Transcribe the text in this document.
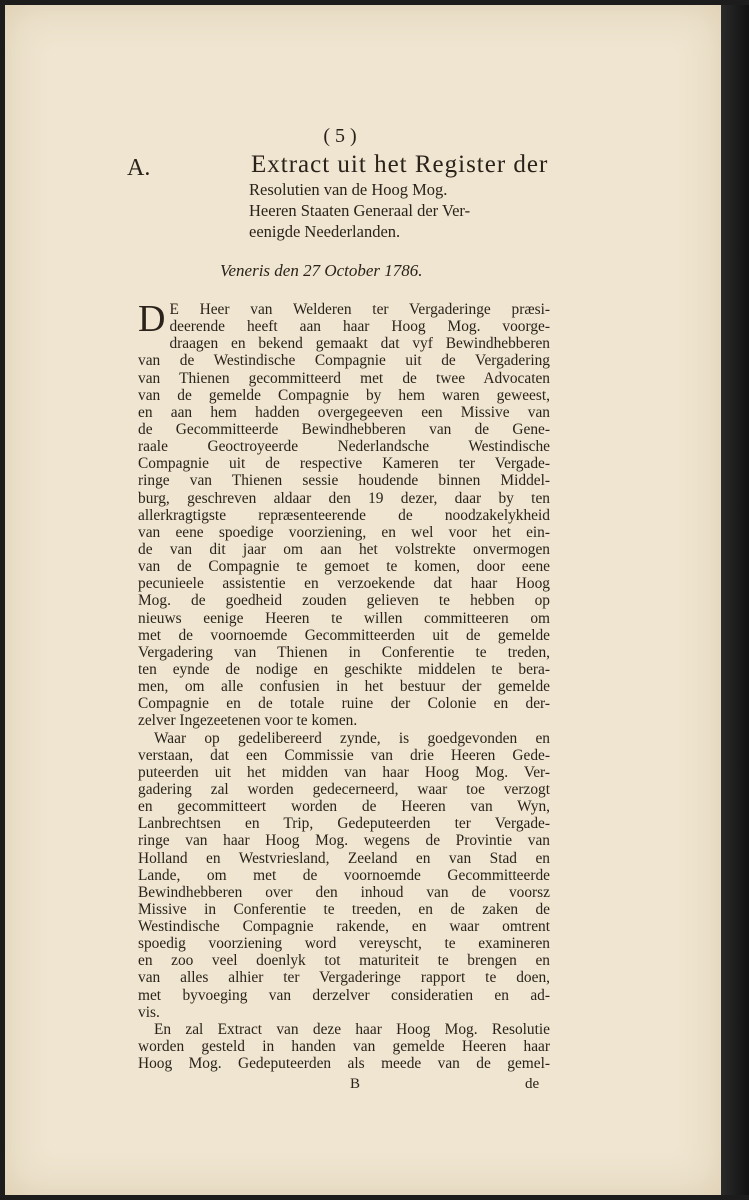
( 5 )
A.	Extract uit het Register der
Resolutien van de Hoog Mog.
Heeren Staaten Generaal der Ver-
eenigde Neederlanden.
Veneris den 27 October 1786.
D E Heer van Welderen ter Vergaderinge præsi-
deerende heeft aan haar Hoog Mog. voorge-
draagen en bekend gemaakt dat vyf Bewindhebberen
van de Westindische Compagnie uit de Vergadering
van Thienen gecommitteerd met de twee Advocaten
van de gemelde Compagnie by hem waren geweest,
en aan hem hadden overgegeeven een Missive van
de Gecommitteerde Bewindhebberen van de Gene-
raale Geoctroyeerde Nederlandsche Westindische
Compagnie uit de respective Kameren ter Vergade-
ringe van Thienen sessie houdende binnen Middel-
burg, geschreven aldaar den 19 dezer, daar by ten
allerkragtigste repræsenteerende de noodzakelykheid
van eene spoedige voorziening, en wel voor het ein-
de van dit jaar om aan het volstrekte onvermogen
van de Compagnie te gemoet te komen, door eene
pecunieele assistentie en verzoekende dat haar Hoog
Mog. de goedheid zouden gelieven te hebben op
nieuws eenige Heeren te willen committeeren om
met de voornoemde Gecommitteerden uit de gemelde
Vergadering van Thienen in Conferentie te treden,
ten eynde de nodige en geschikte middelen te bera-
men, om alle confusien in het bestuur der gemelde
Compagnie en de totale ruine der Colonie en der-
zelver Ingezeetenen voor te komen.
Waar op gedelibereerd zynde, is goedgevonden en
verstaan, dat een Commissie van drie Heeren Gede-
puteerden uit het midden van haar Hoog Mog. Ver-
gadering zal worden gedecerneerd, waar toe verzogt
en gecommitteert worden de Heeren van Wyn,
Lanbrechtsen en Trip, Gedeputeerden ter Vergade-
ringe van haar Hoog Mog. wegens de Provintie van
Holland en Westvriesland, Zeeland en van Stad en
Lande, om met de voornoemde Gecommitteerde
Bewindhebberen over den inhoud van de voorsz
Missive in Conferentie te treeden, en de zaken de
Westindische Compagnie rakende, en waar omtrent
spoedig voorziening word vereyscht, te examineren
en zoo veel doenlyk tot maturiteit te brengen en
van alles alhier ter Vergaderinge rapport te doen,
met byvoeging van derzelver consideratien en ad-
vis.
En zal Extract van deze haar Hoog Mog. Resolutie
worden gesteld in handen van gemelde Heeren haar
Hoog Mog. Gedeputeerden als meede van de gemel-
B	de
